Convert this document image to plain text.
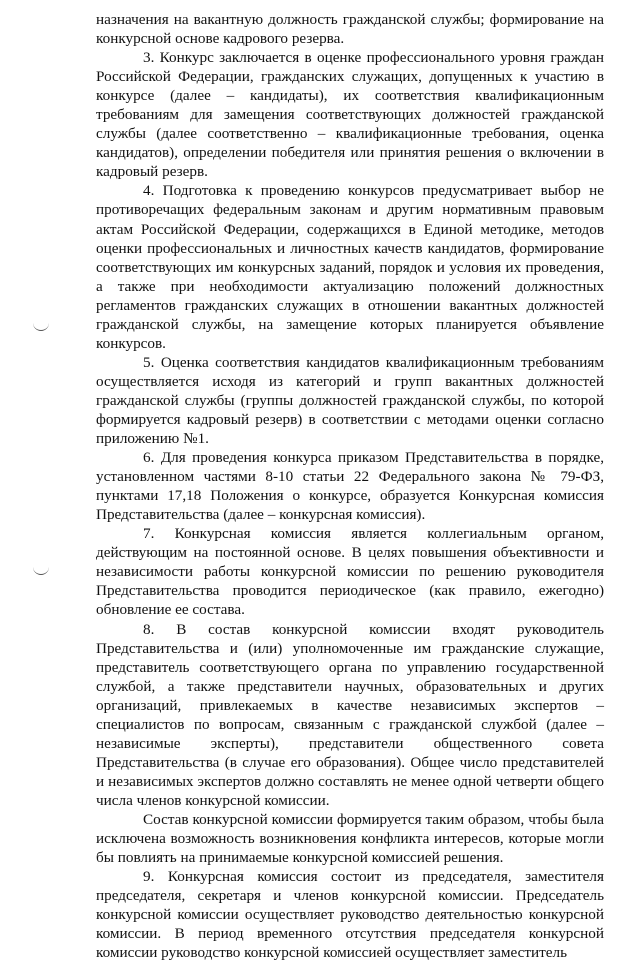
назначения на вакантную должность гражданской службы; формирование на конкурсной основе кадрового резерва.

3. Конкурс заключается в оценке профессионального уровня граждан Российской Федерации, гражданских служащих, допущенных к участию в конкурсе (далее – кандидаты), их соответствия квалификационным требованиям для замещения соответствующих должностей гражданской службы (далее соответственно – квалификационные требования, оценка кандидатов), определении победителя или принятия решения о включении в кадровый резерв.

4. Подготовка к проведению конкурсов предусматривает выбор не противоречащих федеральным законам и другим нормативным правовым актам Российской Федерации, содержащихся в Единой методике, методов оценки профессиональных и личностных качеств кандидатов, формирование соответствующих им конкурсных заданий, порядок и условия их проведения, а также при необходимости актуализацию положений должностных регламентов гражданских служащих в отношении вакантных должностей гражданской службы, на замещение которых планируется объявление конкурсов.

5. Оценка соответствия кандидатов квалификационным требованиям осуществляется исходя из категорий и групп вакантных должностей гражданской службы (группы должностей гражданской службы, по которой формируется кадровый резерв) в соответствии с методами оценки согласно приложению №1.

6. Для проведения конкурса приказом Представительства в порядке, установленном частями 8-10 статьи 22 Федерального закона № 79-ФЗ, пунктами 17,18 Положения о конкурсе, образуется Конкурсная комиссия Представительства (далее – конкурсная комиссия).

7. Конкурсная комиссия является коллегиальным органом, действующим на постоянной основе. В целях повышения объективности и независимости работы конкурсной комиссии по решению руководителя Представительства проводится периодическое (как правило, ежегодно) обновление ее состава.

8. В состав конкурсной комиссии входят руководитель Представительства и (или) уполномоченные им гражданские служащие, представитель соответствующего органа по управлению государственной службой, а также представители научных, образовательных и других организаций, привлекаемых в качестве независимых экспертов – специалистов по вопросам, связанным с гражданской службой (далее – независимые эксперты), представители общественного совета Представительства (в случае его образования). Общее число представителей и независимых экспертов должно составлять не менее одной четверти общего числа членов конкурсной комиссии.

Состав конкурсной комиссии формируется таким образом, чтобы была исключена возможность возникновения конфликта интересов, которые могли бы повлиять на принимаемые конкурсной комиссией решения.

9. Конкурсная комиссия состоит из председателя, заместителя председателя, секретаря и членов конкурсной комиссии. Председатель конкурсной комиссии осуществляет руководство деятельностью конкурсной комиссии. В период временного отсутствия председателя конкурсной комиссии руководство конкурсной комиссией осуществляет заместитель
